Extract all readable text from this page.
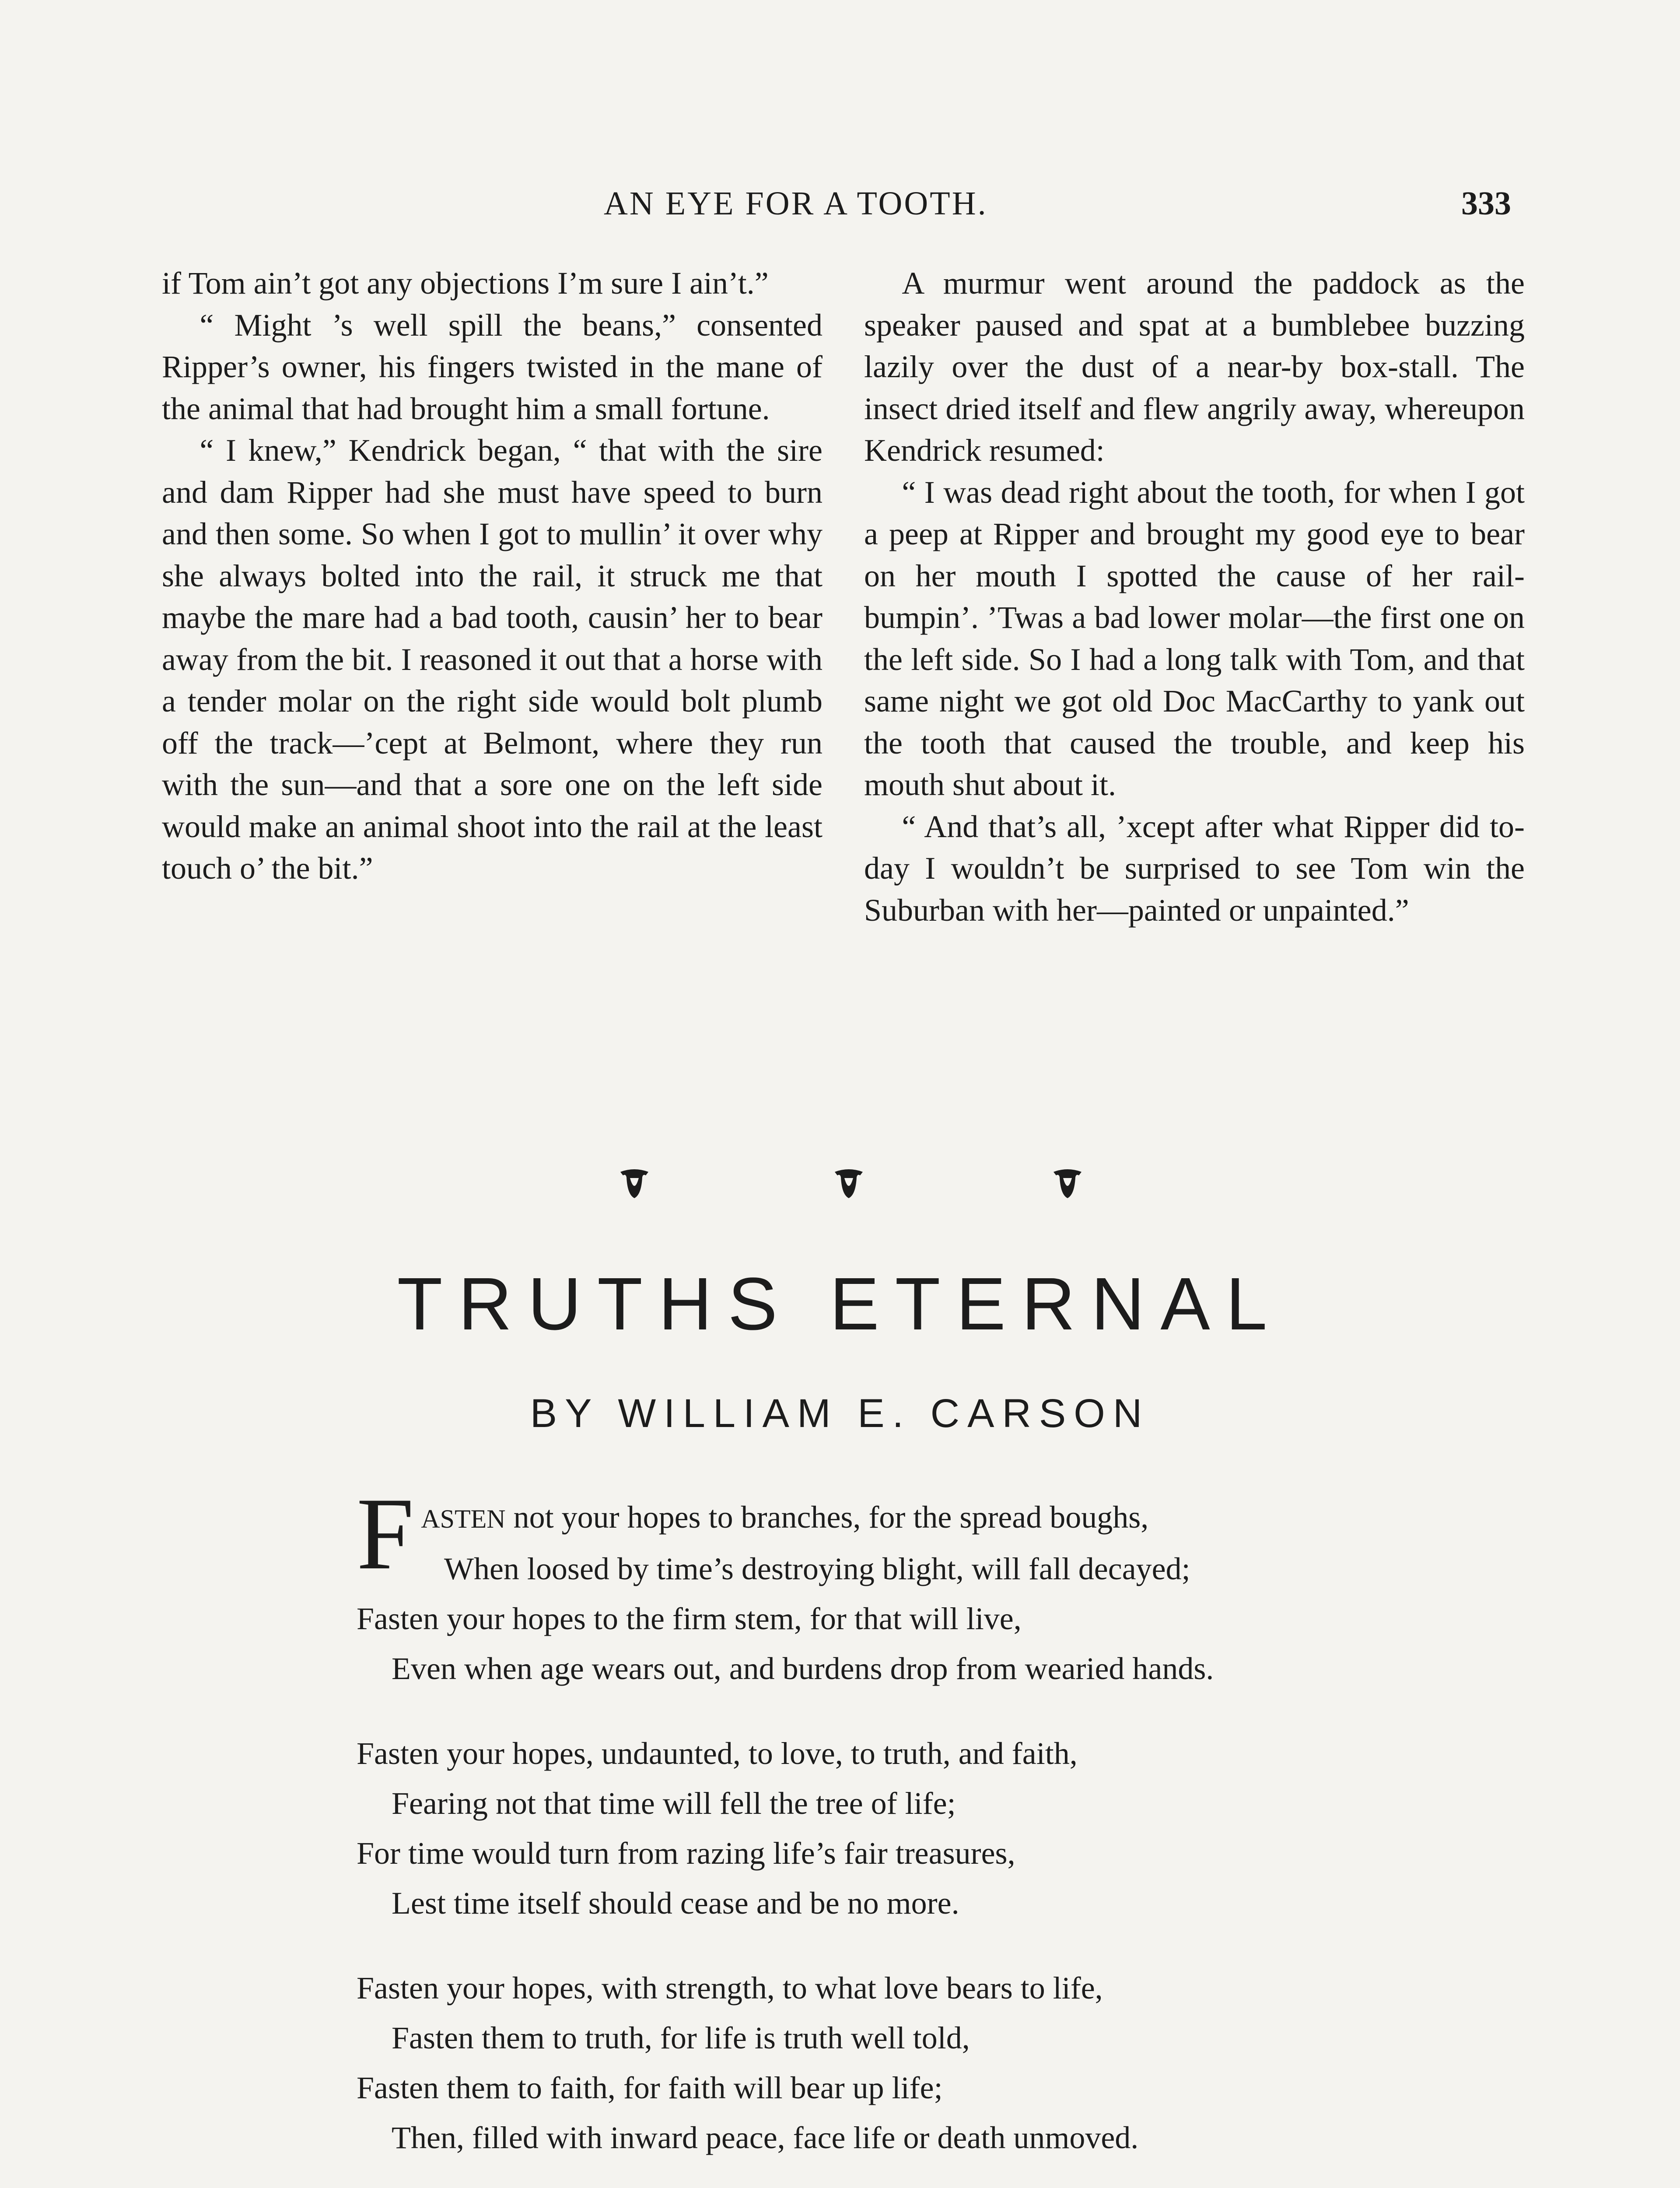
AN EYE FOR A TOOTH.	333

if Tom ain’t got any objections I’m sure I ain’t.”

“ Might ’s well spill the beans,” consented Ripper’s owner, his fingers twisted in the mane of the animal that had brought him a small fortune.

“ I knew,” Kendrick began, “ that with the sire and dam Ripper had she must have speed to burn and then some. So when I got to mullin’ it over why she always bolted into the rail, it struck me that maybe the mare had a bad tooth, causin’ her to bear away from the bit. I reasoned it out that a horse with a tender molar on the right side would bolt plumb off the track—’cept at Belmont, where they run with the sun—and that a sore one on the left side would make an animal shoot into the rail at the least touch o’ the bit.”

A murmur went around the paddock as the speaker paused and spat at a bumblebee buzzing lazily over the dust of a near-by box-stall. The insect dried itself and flew angrily away, whereupon Kendrick resumed:

“ I was dead right about the tooth, for when I got a peep at Ripper and brought my good eye to bear on her mouth I spotted the cause of her rail-bumpin’. ’Twas a bad lower molar—the first one on the left side. So I had a long talk with Tom, and that same night we got old Doc MacCarthy to yank out the tooth that caused the trouble, and keep his mouth shut about it.

“ And that’s all, ’xcept after what Ripper did to-day I wouldn’t be surprised to see Tom win the Suburban with her—painted or unpainted.”

TRUTHS ETERNAL
BY WILLIAM E. CARSON
FASTEN not your hopes to branches, for the spread boughs,
When loosed by time’s destroying blight, will fall decayed;
Fasten your hopes to the firm stem, for that will live,
Even when age wears out, and burdens drop from wearied hands.
Fasten your hopes, undaunted, to love, to truth, and faith,
Fearing not that time will fell the tree of life;
For time would turn from razing life’s fair treasures,
Lest time itself should cease and be no more.
Fasten your hopes, with strength, to what love bears to life,
Fasten them to truth, for life is truth well told,
Fasten them to faith, for faith will bear up life;
Then, filled with inward peace, face life or death unmoved.
